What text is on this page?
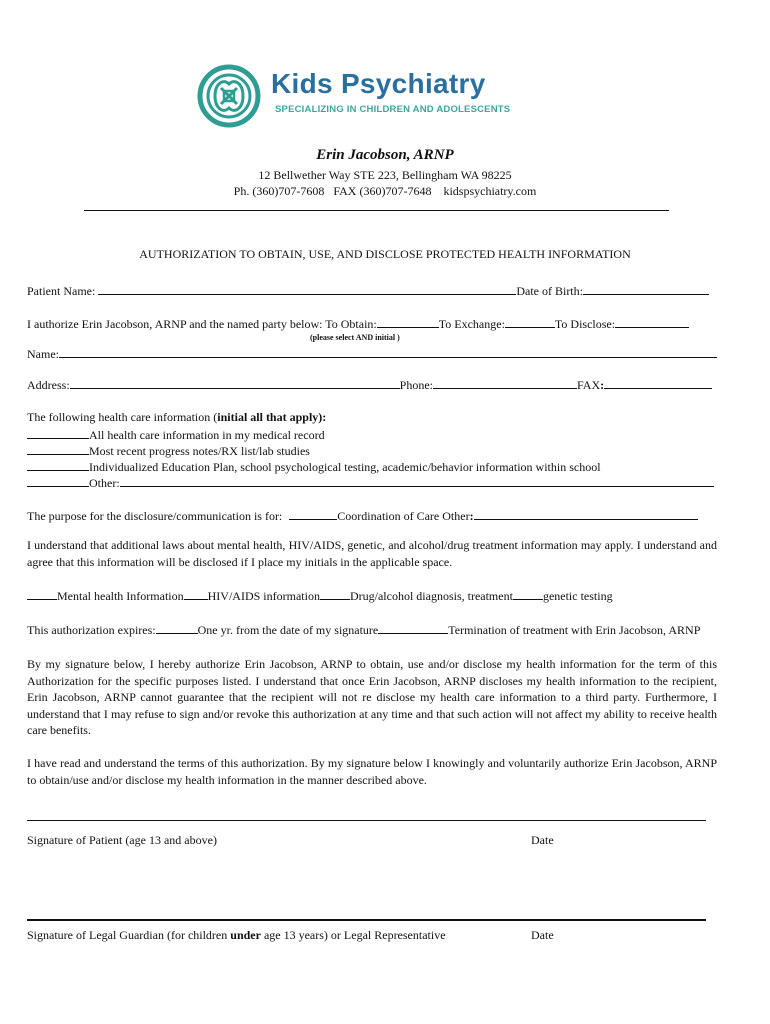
Kids Psychiatry
SPECIALIZING IN CHILDREN AND ADOLESCENTS
Erin Jacobson, ARNP
12 Bellwether Way STE 223, Bellingham WA 98225
Ph. (360)707-7608   FAX (360)707-7648    kidspsychiatry.com
AUTHORIZATION TO OBTAIN, USE, AND DISCLOSE PROTECTED HEALTH INFORMATION
Patient Name:	Date of Birth:
I authorize Erin Jacobson, ARNP and the named party below: To Obtain:	To Exchange:	To Disclose:
(please select AND initial )
Name:
Address:	Phone:	FAX:
The following health care information (initial all that apply):
All health care information in my medical record
Most recent progress notes/RX list/lab studies
Individualized Education Plan, school psychological testing, academic/behavior information within school
Other:
The purpose for the disclosure/communication is for:	Coordination of Care Other:
I understand that additional laws about mental health, HIV/AIDS, genetic, and alcohol/drug treatment information may apply. I understand and agree that this information will be disclosed if I place my initials in the applicable space.
Mental health Information HIV/AIDS information	Drug/alcohol diagnosis, treatment	genetic testing
This authorization expires:	One yr. from the date of my signature	Termination of treatment with Erin Jacobson, ARNP
By my signature below, I hereby authorize Erin Jacobson, ARNP to obtain, use and/or disclose my health information for the term of this Authorization for the specific purposes listed. I understand that once Erin Jacobson, ARNP discloses my health information to the recipient, Erin Jacobson, ARNP cannot guarantee that the recipient will not re disclose my health care information to a third party. Furthermore, I understand that I may refuse to sign and/or revoke this authorization at any time and that such action will not affect my ability to receive health care benefits.
I have read and understand the terms of this authorization. By my signature below I knowingly and voluntarily authorize Erin Jacobson, ARNP to obtain/use and/or disclose my health information in the manner described above.
Signature of Patient (age 13 and above)	Date
Signature of Legal Guardian (for children under age 13 years) or Legal Representative	Date
